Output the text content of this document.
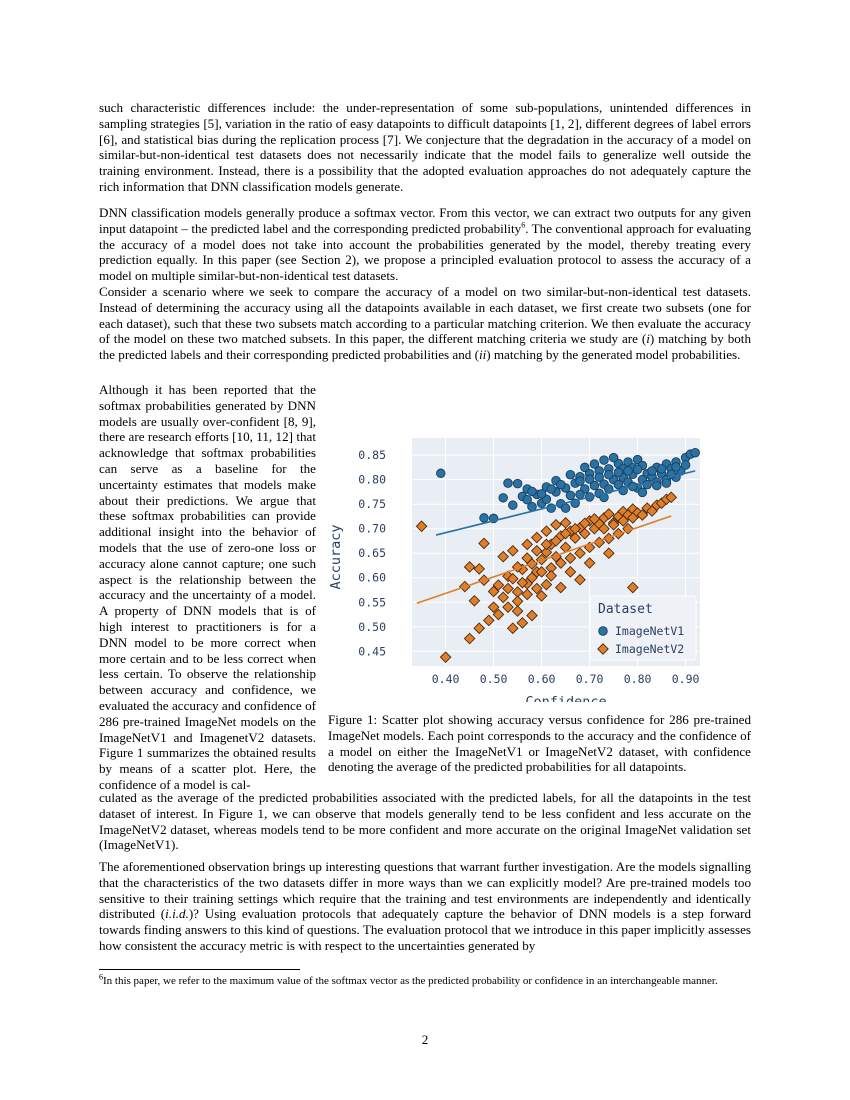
such characteristic differences include: the under-representation of some sub-populations, unintended differences in sampling strategies [5], variation in the ratio of easy datapoints to difficult datapoints [1, 2], different degrees of label errors [6], and statistical bias during the replication process [7]. We conjecture that the degradation in the accuracy of a model on similar-but-non-identical test datasets does not necessarily indicate that the model fails to generalize well outside the training environment. Instead, there is a possibility that the adopted evaluation approaches do not adequately capture the rich information that DNN classification models generate.

DNN classification models generally produce a softmax vector. From this vector, we can extract two outputs for any given input datapoint – the predicted label and the corresponding predicted probability$^6$. The conventional approach for evaluating the accuracy of a model does not take into account the probabilities generated by the model, thereby treating every prediction equally. In this paper (see Section 2), we propose a principled evaluation protocol to assess the accuracy of a model on multiple similar-but-non-identical test datasets.

Consider a scenario where we seek to compare the accuracy of a model on two similar-but-non-identical test datasets. Instead of determining the accuracy using all the datapoints available in each dataset, we first create two subsets (one for each dataset), such that these two subsets match according to a particular matching criterion. We then evaluate the accuracy of the model on these two matched subsets. In this paper, the different matching criteria we study are (i) matching by both the predicted labels and their corresponding predicted probabilities and (ii) matching by the generated model probabilities.

Although it has been reported that the softmax probabilities generated by DNN models are usually over-confident [8, 9], there are research efforts [10, 11, 12] that acknowledge that softmax probabilities can serve as a baseline for the uncertainty estimates that models make about their predictions. We argue that these softmax probabilities can provide additional insight into the behavior of models that the use of zero-one loss or accuracy alone cannot capture; one such aspect is the relationship between the accuracy and the uncertainty of a model. A property of DNN models that is of high interest to practitioners is for a DNN model to be more correct when more certain and to be less correct when less certain. To observe the relationship between accuracy and confidence, we evaluated the accuracy and confidence of 286 pre-trained ImageNet models on the ImageNetV1 and ImagenetV2 datasets. Figure 1 summarizes the obtained results by means of a scatter plot. Here, the confidence of a model is cal-

0.40 0.50 0.60 0.70 0.80 0.90
0.45
0.50
0.55
0.60
0.65
0.70
0.75
0.80
0.85
Confidence
Accuracy
Dataset
ImageNetV1
ImageNetV2

Figure 1: Scatter plot showing accuracy versus confidence for 286 pre-trained ImageNet models. Each point corresponds to the accuracy and the confidence of a model on either the ImageNetV1 or ImageNetV2 dataset, with confidence denoting the average of the predicted probabilities for all datapoints.

culated as the average of the predicted probabilities associated with the predicted labels, for all the datapoints in the test dataset of interest. In Figure 1, we can observe that models generally tend to be less confident and less accurate on the ImageNetV2 dataset, whereas models tend to be more confident and more accurate on the original ImageNet validation set (ImageNetV1).

The aforementioned observation brings up interesting questions that warrant further investigation. Are the models signalling that the characteristics of the two datasets differ in more ways than we can explicitly model? Are pre-trained models too sensitive to their training settings which require that the training and test environments are independently and identically distributed (i.i.d.)? Using evaluation protocols that adequately capture the behavior of DNN models is a step forward towards finding answers to this kind of questions. The evaluation protocol that we introduce in this paper implicitly assesses how consistent the accuracy metric is with respect to the uncertainties generated by

$^6$In this paper, we refer to the maximum value of the softmax vector as the predicted probability or confidence in an interchangeable manner.

2
